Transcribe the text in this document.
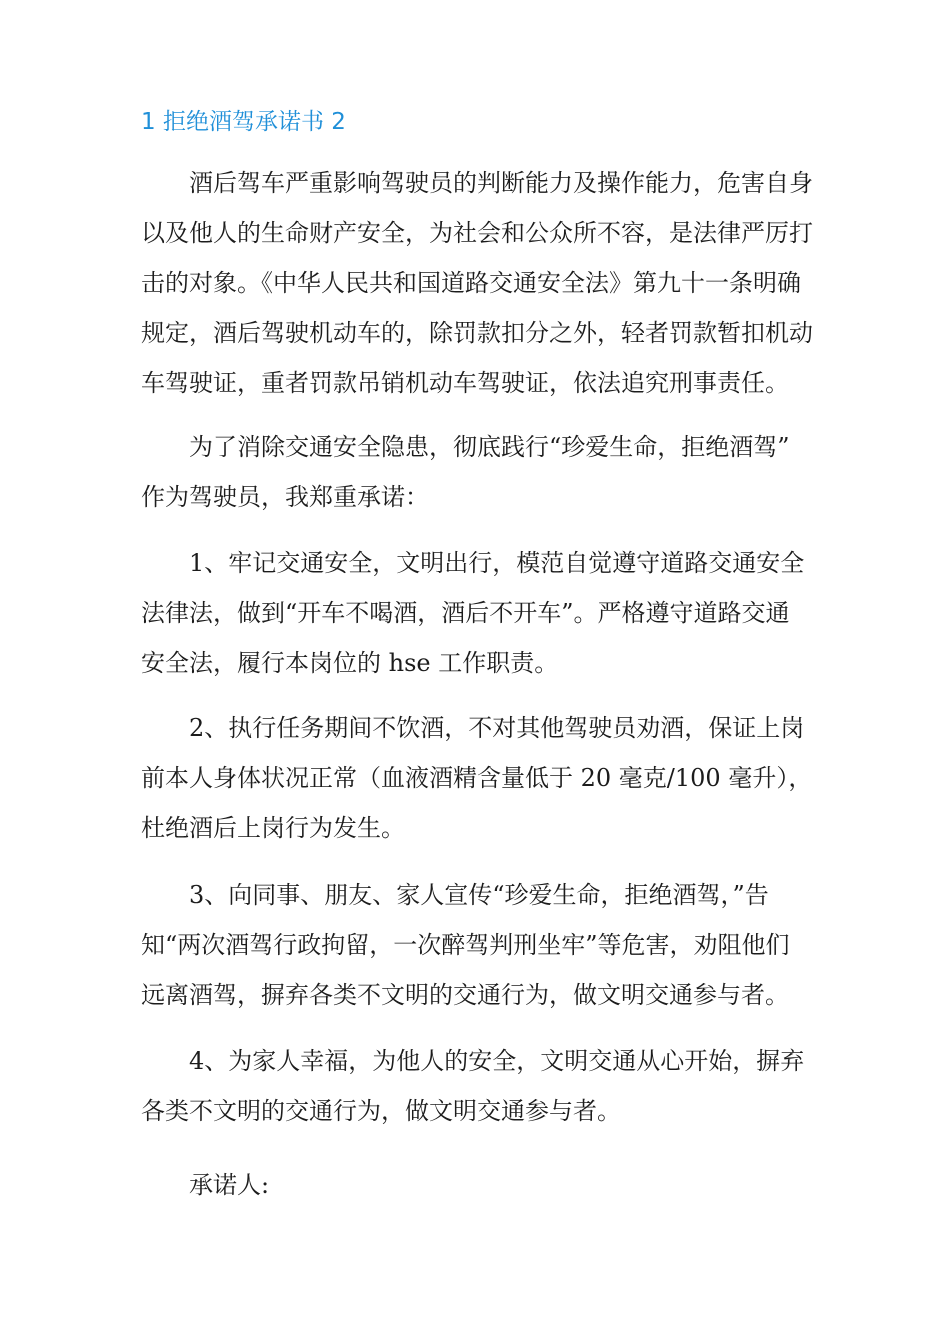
1 拒绝酒驾承诺书 2
酒后驾车严重影响驾驶员的判断能力及操作能力，危害自身
以及他人的生命财产安全，为社会和公众所不容，是法律严厉打
击的对象。《中华人民共和国道路交通安全法》第九十一条明确
规定，酒后驾驶机动车的，除罚款扣分之外，轻者罚款暂扣机动
车驾驶证，重者罚款吊销机动车驾驶证，依法追究刑事责任。
为了消除交通安全隐患，彻底践行“珍爱生命，拒绝酒驾”
作为驾驶员，我郑重承诺：
1、牢记交通安全，文明出行，模范自觉遵守道路交通安全
法律法，做到“开车不喝酒，酒后不开车”。严格遵守道路交通
安全法，履行本岗位的 hse 工作职责。
2、执行任务期间不饮酒，不对其他驾驶员劝酒，保证上岗
前本人身体状况正常（血液酒精含量低于 20 毫克/100 毫升），
杜绝酒后上岗行为发生。
3、向同事、朋友、家人宣传“珍爱生命，拒绝酒驾，”告
知“两次酒驾行政拘留，一次醉驾判刑坐牢”等危害，劝阻他们
远离酒驾，摒弃各类不文明的交通行为，做文明交通参与者。
4、为家人幸福，为他人的安全，文明交通从心开始，摒弃
各类不文明的交通行为，做文明交通参与者。
承诺人:
